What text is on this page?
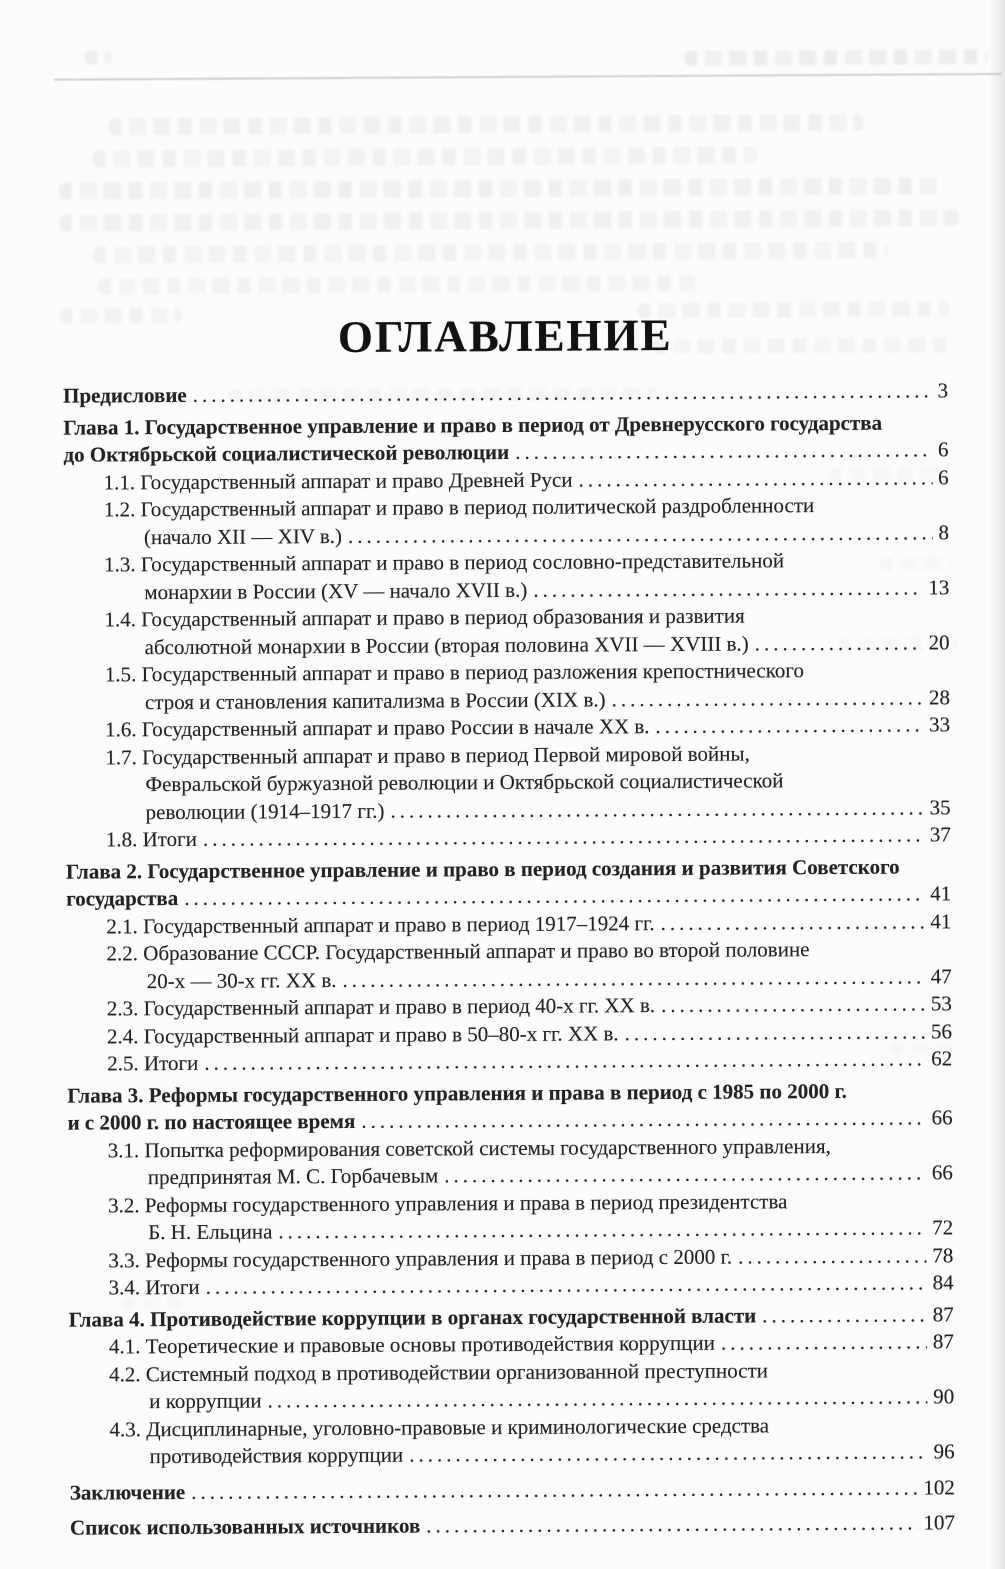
ОГЛАВЛЕНИЕ
Предисловие .....	3
Глава 1. Государственное управление и право в период от Древнерусского государства
до Октябрьской социалистической революции .....	6
1.1. Государственный аппарат и право Древней Руси .....	6
1.2. Государственный аппарат и право в период политической раздробленности
(начало XII — XIV в.) .....	8
1.3. Государственный аппарат и право в период сословно-представительной
монархии в России (XV — начало XVII в.) .....	13
1.4. Государственный аппарат и право в период образования и развития
абсолютной монархии в России (вторая половина XVII — XVIII в.) .....	20
1.5. Государственный аппарат и право в период разложения крепостнического
строя и становления капитализма в России (XIX в.) .....	28
1.6. Государственный аппарат и право России в начале XX в. .....	33
1.7. Государственный аппарат и право в период Первой мировой войны,
Февральской буржуазной революции и Октябрьской социалистической
революции (1914–1917 гг.) .....	35
1.8. Итоги .....	37
Глава 2. Государственное управление и право в период создания и развития Советского
государства .....	41
2.1. Государственный аппарат и право в период 1917–1924 гг. .....	41
2.2. Образование СССР. Государственный аппарат и право во второй половине
20-х — 30-х гг. XX в. .....	47
2.3. Государственный аппарат и право в период 40-х гг. XX в. .....	53
2.4. Государственный аппарат и право в 50–80-х гг. XX в. .....	56
2.5. Итоги .....	62
Глава 3. Реформы государственного управления и права в период с 1985 по 2000 г.
и с 2000 г. по настоящее время .....	66
3.1. Попытка реформирования советской системы государственного управления,
предпринятая М. С. Горбачевым .....	66
3.2. Реформы государственного управления и права в период президентства
Б. Н. Ельцина .....	72
3.3. Реформы государственного управления и права в период с 2000 г. .....	78
3.4. Итоги .....	84
Глава 4. Противодействие коррупции в органах государственной власти .....	87
4.1. Теоретические и правовые основы противодействия коррупции .....	87
4.2. Системный подход в противодействии организованной преступности
и коррупции .....	90
4.3. Дисциплинарные, уголовно-правовые и криминологические средства
противодействия коррупции .....	96
Заключение .....	102
Список использованных источников .....	107
